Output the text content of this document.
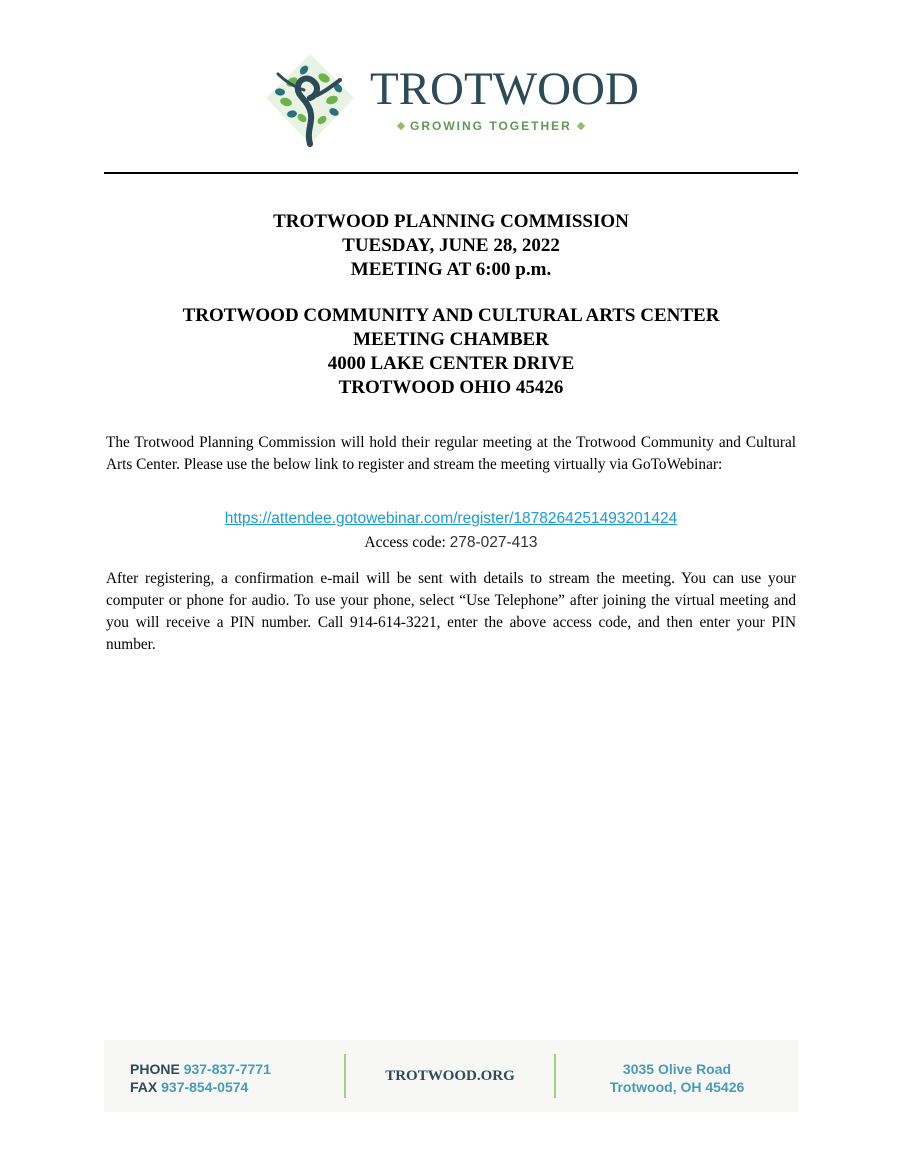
TROTWOOD
GROWING TOGETHER
TROTWOOD PLANNING COMMISSION
TUESDAY, JUNE 28, 2022
MEETING AT 6:00 p.m.
TROTWOOD COMMUNITY AND CULTURAL ARTS CENTER
MEETING CHAMBER
4000 LAKE CENTER DRIVE
TROTWOOD OHIO 45426
The Trotwood Planning Commission will hold their regular meeting at the Trotwood Community and Cultural Arts Center. Please use the below link to register and stream the meeting virtually via GoToWebinar:
https://attendee.gotowebinar.com/register/1878264251493201424
Access code: 278-027-413
After registering, a confirmation e-mail will be sent with details to stream the meeting. You can use your computer or phone for audio. To use your phone, select “Use Telephone” after joining the virtual meeting and you will receive a PIN number. Call 914-614-3221, enter the above access code, and then enter your PIN number.
PHONE 937-837-7771
FAX 937-854-0574
TROTWOOD.ORG	3035 Olive Road
Trotwood, OH 45426
